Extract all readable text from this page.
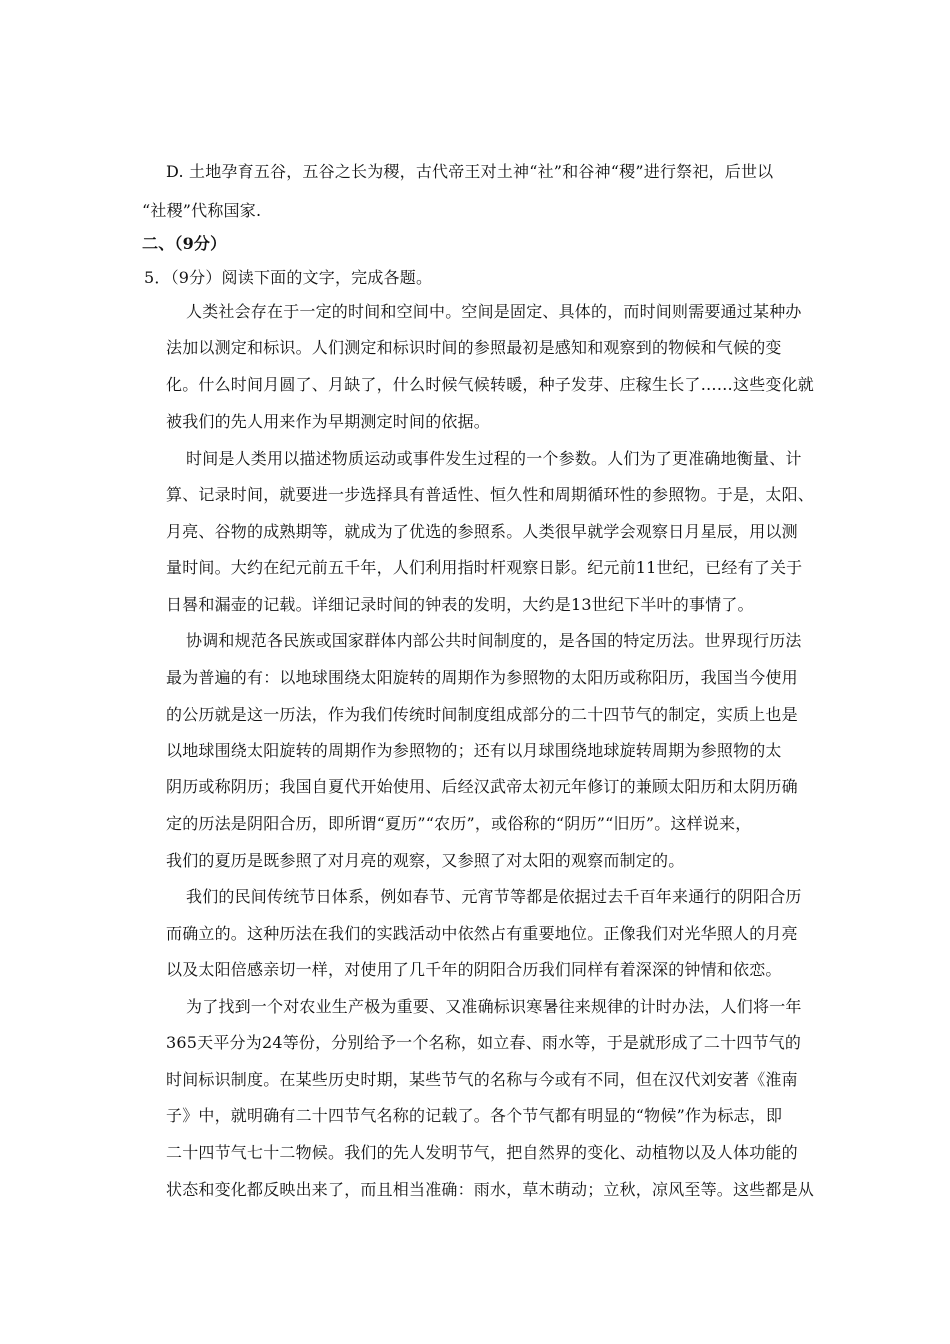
D. 土地孕育五谷，五谷之长为稷，古代帝王对土神“社”和谷神“稷”进行祭祀，后世以
“社稷”代称国家.
二、（9分）
5．（9分）阅读下面的文字，完成各题。
人类社会存在于一定的时间和空间中。空间是固定、具体的，而时间则需要通过某种办
法加以测定和标识。人们测定和标识时间的参照最初是感知和观察到的物候和气候的变
化。什么时间月圆了、月缺了，什么时候气候转暖，种子发芽、庄稼生长了……这些变化就
被我们的先人用来作为早期测定时间的依据。
时间是人类用以描述物质运动或事件发生过程的一个参数。人们为了更准确地衡量、计
算、记录时间，就要进一步选择具有普适性、恒久性和周期循环性的参照物。于是，太阳、
月亮、谷物的成熟期等，就成为了优选的参照系。人类很早就学会观察日月星辰，用以测
量时间。大约在纪元前五千年，人们利用指时杆观察日影。纪元前11世纪，已经有了关于
日晷和漏壶的记载。详细记录时间的钟表的发明，大约是13世纪下半叶的事情了。
协调和规范各民族或国家群体内部公共时间制度的，是各国的特定历法。世界现行历法
最为普遍的有：以地球围绕太阳旋转的周期作为参照物的太阳历或称阳历，我国当今使用
的公历就是这一历法，作为我们传统时间制度组成部分的二十四节气的制定，实质上也是
以地球围绕太阳旋转的周期作为参照物的；还有以月球围绕地球旋转周期为参照物的太
阴历或称阴历；我国自夏代开始使用、后经汉武帝太初元年修订的兼顾太阳历和太阴历确
定的历法是阴阳合历，即所谓“夏历”“农历”，或俗称的“阴历”“旧历”。这样说来，
我们的夏历是既参照了对月亮的观察，又参照了对太阳的观察而制定的。
我们的民间传统节日体系，例如春节、元宵节等都是依据过去千百年来通行的阴阳合历
而确立的。这种历法在我们的实践活动中依然占有重要地位。正像我们对光华照人的月亮
以及太阳倍感亲切一样，对使用了几千年的阴阳合历我们同样有着深深的钟情和依恋。
为了找到一个对农业生产极为重要、又准确标识寒暑往来规律的计时办法，人们将一年
365天平分为24等份，分别给予一个名称，如立春、雨水等，于是就形成了二十四节气的
时间标识制度。在某些历史时期，某些节气的名称与今或有不同，但在汉代刘安著《淮南
子》中，就明确有二十四节气名称的记载了。各个节气都有明显的“物候”作为标志，即
二十四节气七十二物候。我们的先人发明节气，把自然界的变化、动植物以及人体功能的
状态和变化都反映出来了，而且相当准确：雨水，草木萌动；立秋，凉风至等。这些都是从
